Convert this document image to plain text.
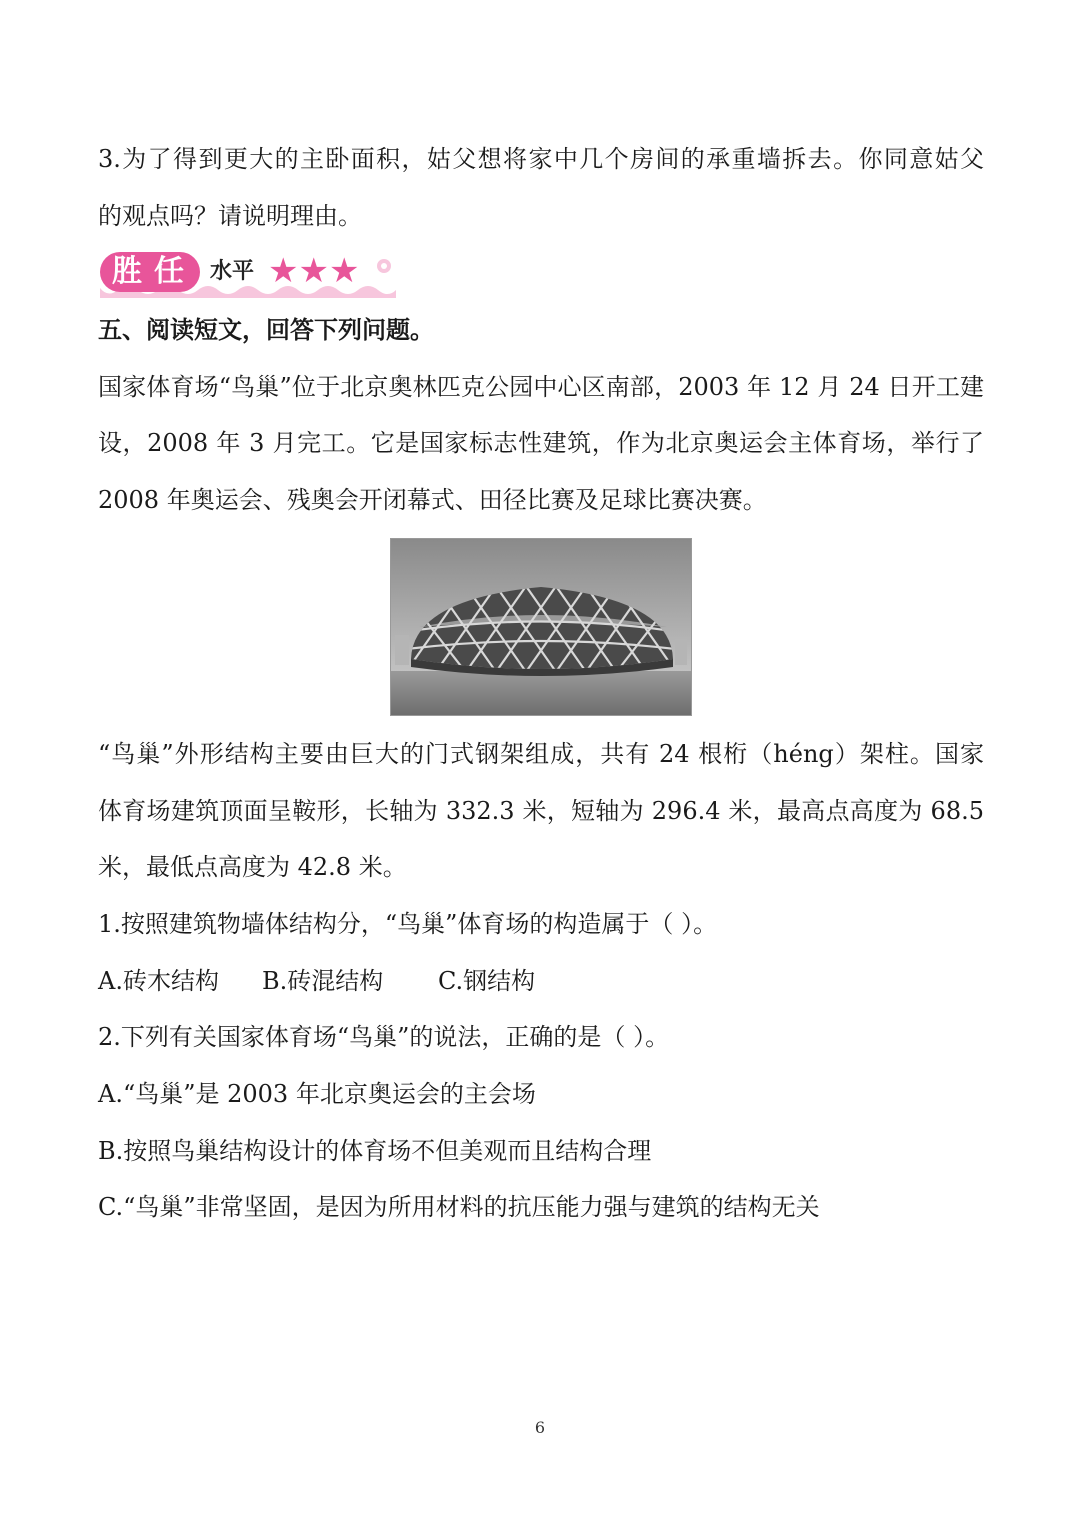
3.为了得到更大的主卧面积，姑父想将家中几个房间的承重墙拆去。你同意姑父
的观点吗？请说明理由。
胜 任 水平 ★★★
五、阅读短文，回答下列问题。
国家体育场“鸟巢”位于北京奥林匹克公园中心区南部，2003 年 12 月 24 日开工建
设，2008 年 3 月完工。它是国家标志性建筑，作为北京奥运会主体育场，举行了
2008 年奥运会、残奥会开闭幕式、田径比赛及足球比赛决赛。
“鸟巢”外形结构主要由巨大的门式钢架组成，共有 24 根桁（héng）架柱。国家
体育场建筑顶面呈鞍形，长轴为 332.3 米，短轴为 296.4 米，最高点高度为 68.5
米，最低点高度为 42.8 米。
1.按照建筑物墙体结构分，“鸟巢”体育场的构造属于（ ）。
A.砖木结构 B.砖混结构 C.钢结构
2.下列有关国家体育场“鸟巢”的说法，正确的是（ ）。
A.“鸟巢”是 2003 年北京奥运会的主会场
B.按照鸟巢结构设计的体育场不但美观而且结构合理
C.“鸟巢”非常坚固，是因为所用材料的抗压能力强与建筑的结构无关
6
